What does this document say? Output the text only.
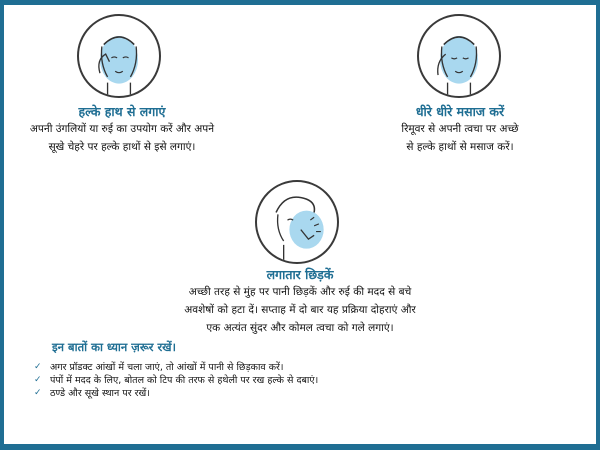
हल्के हाथ से लगाएं
अपनी उंगलियों या रुई का उपयोग करें और अपने
सूखे चेहरे पर हल्के हाथों से इसे लगाएं।
धीरे धीरे मसाज करें
रिमूवर से अपनी त्वचा पर अच्छे
से हल्के हाथों से मसाज करें।
लगातार छिड़कें
अच्छी तरह से मुंह पर पानी छिड़कें और रुई की मदद से बचे
अवशेषों को हटा दें। सप्ताह में दो बार यह प्रक्रिया दोहराएं और
एक अत्यंत सुंदर और कोमल त्वचा को गले लगाएं।
इन बातों का ध्यान ज़रूर रखें।
✓ अगर प्रॉडक्ट आंखों में चला जाएं, तो आंखों में पानी से छिड़काव करें।
✓ पंपों में मदद के लिए, बोतल को टिप की तरफ से हथेली पर रख हल्के से दबाएं।
✓ ठण्डे और सूखे स्थान पर रखें।
